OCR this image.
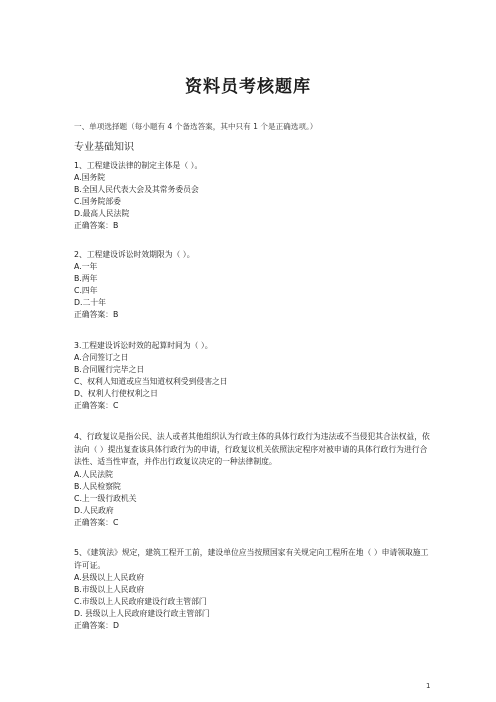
资料员考核题库
一、单项选择题（每小题有 4 个备选答案，其中只有 1 个是正确选项。）
专业基础知识
1、工程建设法律的制定主体是（ ）。
A.国务院
B.全国人民代表大会及其常务委员会
C.国务院部委
D.最高人民法院
正确答案：B
2、工程建设诉讼时效期限为（ ）。
A.一年
B.两年
C.四年
D.二十年
正确答案：B
3.工程建设诉讼时效的起算时间为（ ）。
A.合同签订之日
B.合同履行完毕之日
C、权利人知道或应当知道权利受到侵害之日
D、权利人行使权利之日
正确答案：C
4、行政复议是指公民、法人或者其他组织认为行政主体的具体行政行为违法或不当侵犯其合法权益，依法向（ ）提出复查该具体行政行为的申请，行政复议机关依照法定程序对被申请的具体行政行为进行合法性、适当性审查，并作出行政复议决定的一种法律制度。
A.人民法院
B.人民检察院
C.上一级行政机关
D.人民政府
正确答案：C
5、《建筑法》规定，建筑工程开工前，建设单位应当按照国家有关规定向工程所在地（ ）申请领取施工许可证。
A.县级以上人民政府
B.市级以上人民政府
C.市级以上人民政府建设行政主管部门
D. 县级以上人民政府建设行政主管部门
正确答案：D
1
